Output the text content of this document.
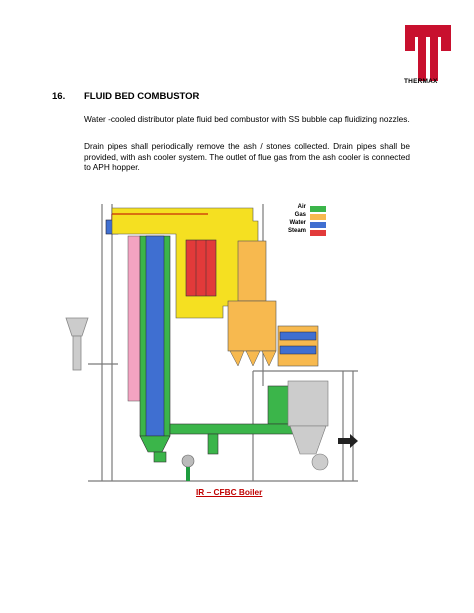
THERMAX
16. FLUID BED COMBUSTOR
Water -cooled distributor plate fluid bed combustor with SS bubble cap fluidizing nozzles.
Drain pipes shall periodically remove the ash / stones collected. Drain pipes shall be provided, with ash cooler system. The outlet of flue gas from the ash cooler is connected to APH hopper.
Air
Gas
Water
Steam
IR – CFBC Boiler
